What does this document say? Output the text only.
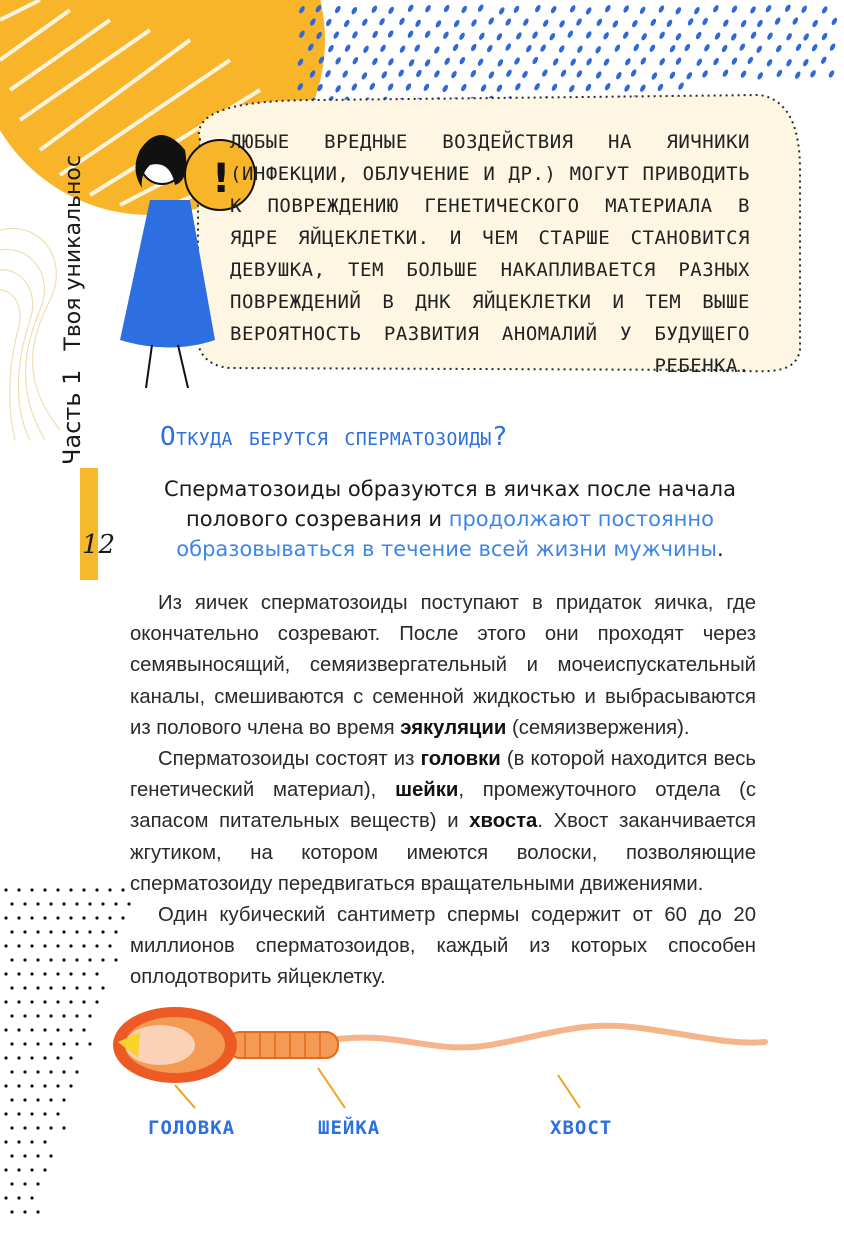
!

ЛЮБЫЕ ВРЕДНЫЕ ВОЗДЕЙСТВИЯ НА ЯИЧНИКИ (ИНФЕКЦИИ, ОБЛУЧЕНИЕ И ДР.) МОГУТ ПРИВОДИТЬ К ПОВРЕЖДЕНИЮ ГЕНЕТИЧЕСКОГО МАТЕРИАЛА В ЯДРЕ ЯЙЦЕКЛЕТКИ. И ЧЕМ СТАРШЕ СТАНОВИТСЯ ДЕВУШКА, ТЕМ БОЛЬШЕ НАКАПЛИВАЕТСЯ РАЗНЫХ ПОВРЕЖДЕНИЙ В ДНК ЯЙЦЕКЛЕТКИ И ТЕМ ВЫШЕ ВЕРОЯТНОСТЬ РАЗВИТИЯ АНОМАЛИЙ У БУДУЩЕГО РЕБЕНКА.

Часть 1 Твоя уникальнос
12
Откуда берутся сперматозоиды?
Сперматозоиды образуются в яичках после начала полового созревания и продолжают постоянно образовываться в течение всей жизни мужчины.

Из яичек сперматозоиды поступают в придаток яичка, где окончательно созревают. После этого они проходят через семявыносящий, семяизвергательный и мочеиспускательный каналы, смешиваются с семенной жидкостью и выбрасываются из полового члена во время эякуляции (семяизвержения).

Сперматозоиды состоят из головки (в которой находится весь генетический материал), шейки, промежуточного отдела (с запасом питательных веществ) и хвоста. Хвост заканчивается жгутиком, на котором имеются волоски, позволяющие сперматозоиду передвигаться вращательными движениями.

Один кубический сантиметр спермы содержит от 60 до 20 миллионов сперматозоидов, каждый из которых способен оплодотворить яйцеклетку.

ГОЛОВКА	ШЕЙКА	ХВОСТ
